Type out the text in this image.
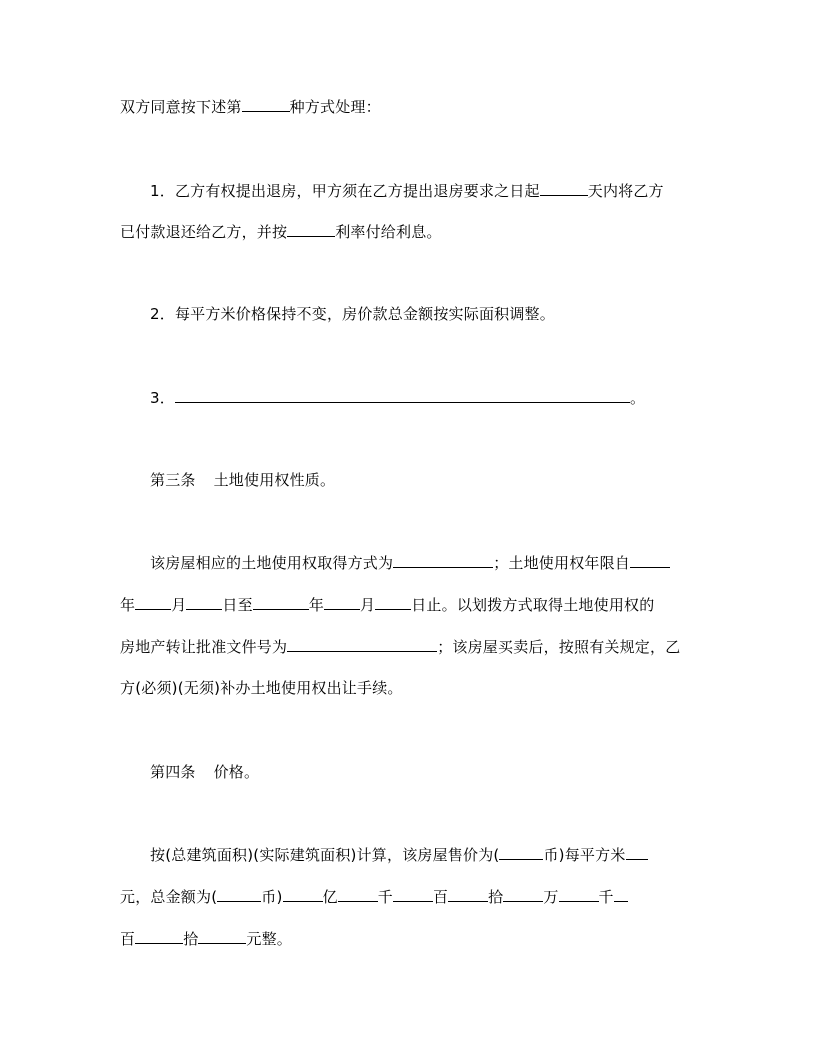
双方同意按下述第	种方式处理：
1．乙方有权提出退房，甲方须在乙方提出退房要求之日起	天内将乙方
已付款退还给乙方，并按	利率付给利息。
2．每平方米价格保持不变，房价款总金额按实际面积调整。
3．	。
第三条 土地使用权性质。
该房屋相应的土地使用权取得方式为	；土地使用权年限自
年 月 日至	年 月 日止。以划拨方式取得土地使用权的
房地产转让批准文件号为	；该房屋买卖后，按照有关规定，乙
方(必须)(无须)补办土地使用权出让手续。
第四条 价格。
按(总建筑面积)(实际建筑面积)计算，该房屋售价为(	币)每平方米
元，总金额为(	币)	亿	千	百	拾	万	千
百	拾	元整。
